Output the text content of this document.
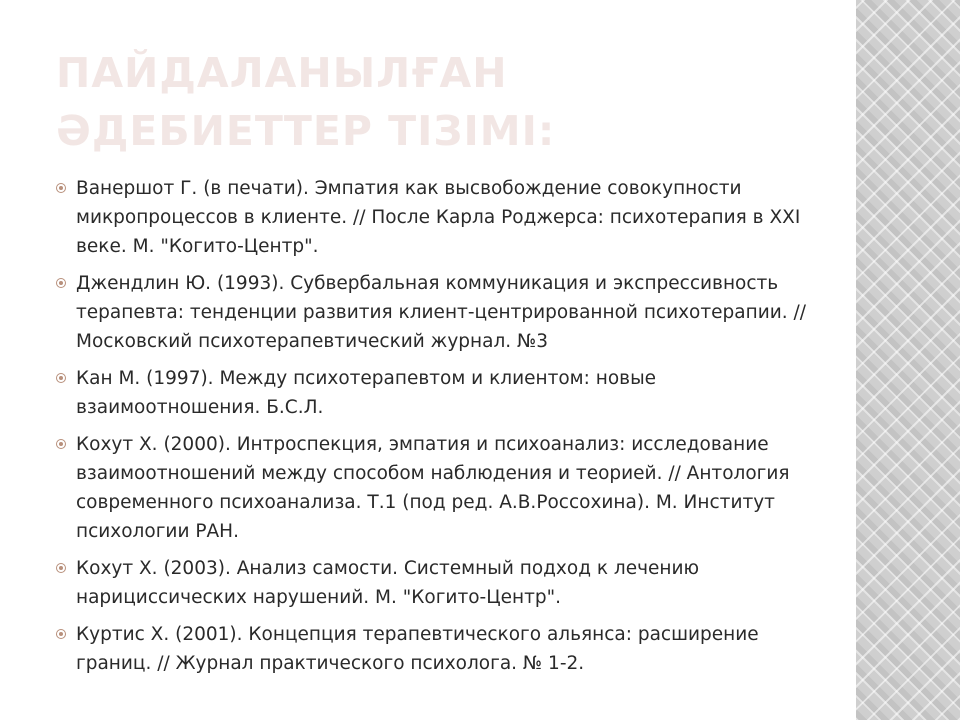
ПАЙДАЛАНЫЛҒАН
ӘДЕБИЕТТЕР ТІЗІМІ:
Ванершот Г. (в печати). Эмпатия как высвобождение совокупности микропроцессов в клиенте. // После Карла Роджерса: психотерапия в XXI веке. М. "Когито-Центр".
Джендлин Ю. (1993). Субвербальная коммуникация и экспрессивность терапевта: тенденции развития клиент-центрированной психотерапии. // Московский психотерапевтический журнал. №3
Кан М. (1997). Между психотерапевтом и клиентом: новые взаимоотношения. Б.С.Л.
Кохут Х. (2000). Интроспекция, эмпатия и психоанализ: исследование взаимоотношений между способом наблюдения и теорией. // Антология современного психоанализа. Т.1 (под ред. А.В.Россохина). М. Институт психологии РАН.
Кохут Х. (2003). Анализ самости. Системный подход к лечению нарициссических нарушений. М. "Когито-Центр".
Куртис Х. (2001). Концепция терапевтического альянса: расширение границ. // Журнал практического психолога. № 1-2.
